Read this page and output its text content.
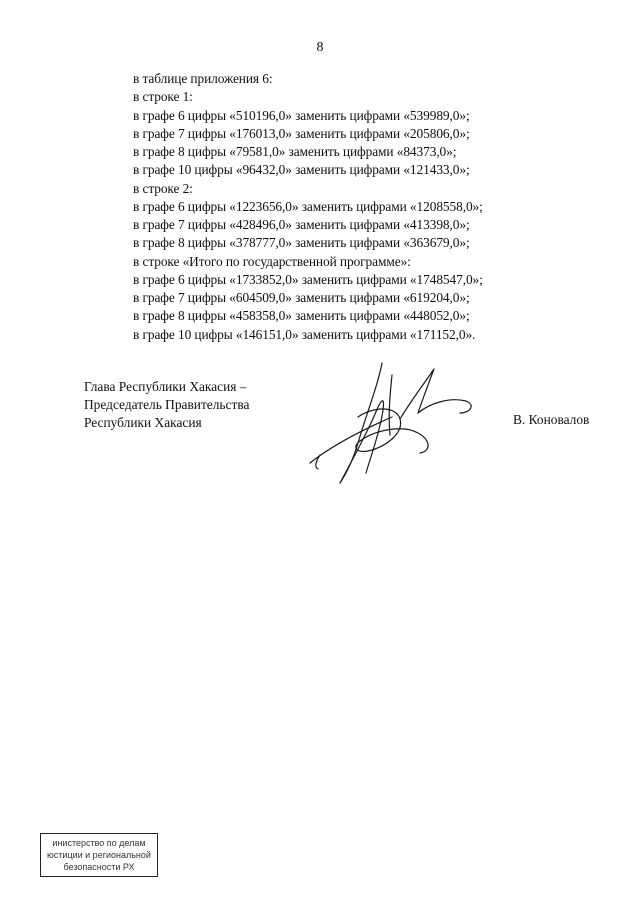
8
в таблице приложения 6:
в строке 1:
в графе 6 цифры «510196,0» заменить цифрами «539989,0»;
в графе 7 цифры «176013,0» заменить цифрами «205806,0»;
в графе 8 цифры «79581,0» заменить цифрами «84373,0»;
в графе 10 цифры «96432,0» заменить цифрами «121433,0»;
в строке 2:
в графе 6 цифры «1223656,0» заменить цифрами «1208558,0»;
в графе 7 цифры «428496,0» заменить цифрами «413398,0»;
в графе 8 цифры «378777,0» заменить цифрами «363679,0»;
в строке «Итого по государственной программе»:
в графе 6 цифры «1733852,0» заменить цифрами «1748547,0»;
в графе 7 цифры «604509,0» заменить цифрами «619204,0»;
в графе 8 цифры «458358,0» заменить цифрами «448052,0»;
в графе 10 цифры «146151,0» заменить цифрами «171152,0».
Глава Республики Хакасия –
Председатель Правительства
Республики Хакасия	В. Коновалов
инистерство по делам
юстиции и региональной
безопасности РХ
